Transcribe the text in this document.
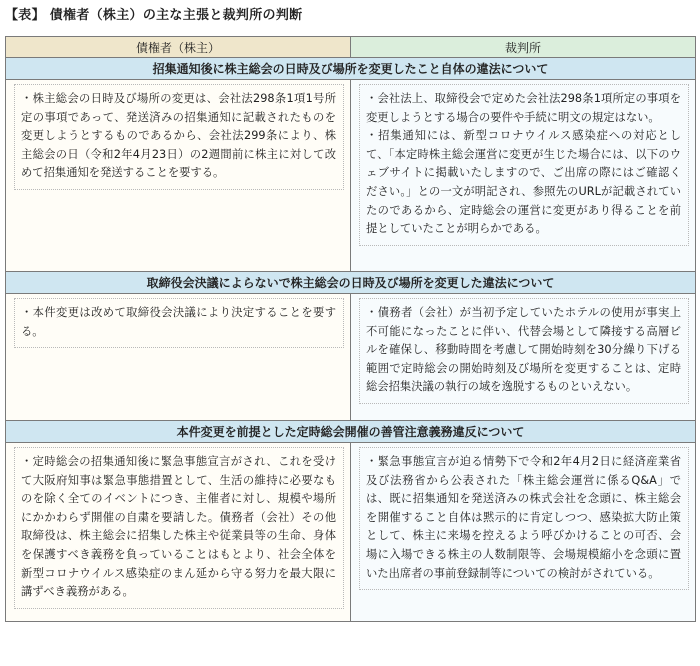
【表】 債権者（株主）の主な主張と裁判所の判断
債権者（株主）	裁判所
招集通知後に株主総会の日時及び場所を変更したこと自体の違法について	

・株主総会の日時及び場所の変更は、会社法298条1項1号所定の事項であって、発送済みの招集通知に記載されたものを変更しようとするものであるから、会社法299条により、株主総会の日（令和2年4月23日）の2週間前に株主に対して改めて招集通知を発送することを要する。	・会社法上、取締役会で定めた会社法298条1項所定の事項を変更しようとする場合の要件や手続に明文の規定はない。
・招集通知には、新型コロナウイルス感染症への対応として、「本定時株主総会運営に変更が生じた場合には、以下のウェブサイトに掲載いたしますので、ご出席の際にはご確認ください。」との一文が明記され、参照先のURLが記載されていたのであるから、定時総会の運営に変更があり得ることを前提としていたことが明らかである。

取締役会決議によらないで株主総会の日時及び場所を変更した違法について	

・本件変更は改めて取締役会決議により決定することを要する。	・債務者（会社）が当初予定していたホテルの使用が事実上不可能になったことに伴い、代替会場として隣接する高層ビルを確保し、移動時間を考慮して開始時刻を30分繰り下げる範囲で定時総会の開始時刻及び場所を変更することは、定時総会招集決議の執行の域を逸脱するものといえない。

本件変更を前提とした定時総会開催の善管注意義務違反について	

・定時総会の招集通知後に緊急事態宣言がされ、これを受けて大阪府知事は緊急事態措置として、生活の維持に必要なものを除く全てのイベントにつき、主催者に対し、規模や場所にかかわらず開催の自粛を要請した。債務者（会社）その他取締役は、株主総会に招集した株主や従業員等の生命、身体を保護すべき義務を負っていることはもとより、社会全体を新型コロナウイルス感染症のまん延から守る努力を最大限に講ずべき義務がある。	・緊急事態宣言が迫る情勢下で令和2年4月2日に経済産業省及び法務省から公表された「株主総会運営に係るQ&A」では、既に招集通知を発送済みの株式会社を念頭に、株主総会を開催すること自体は黙示的に肯定しつつ、感染拡大防止策として、株主に来場を控えるよう呼びかけることの可否、会場に入場できる株主の人数制限等、会場規模縮小を念頭に置いた出席者の事前登録制等についての検討がされている。
